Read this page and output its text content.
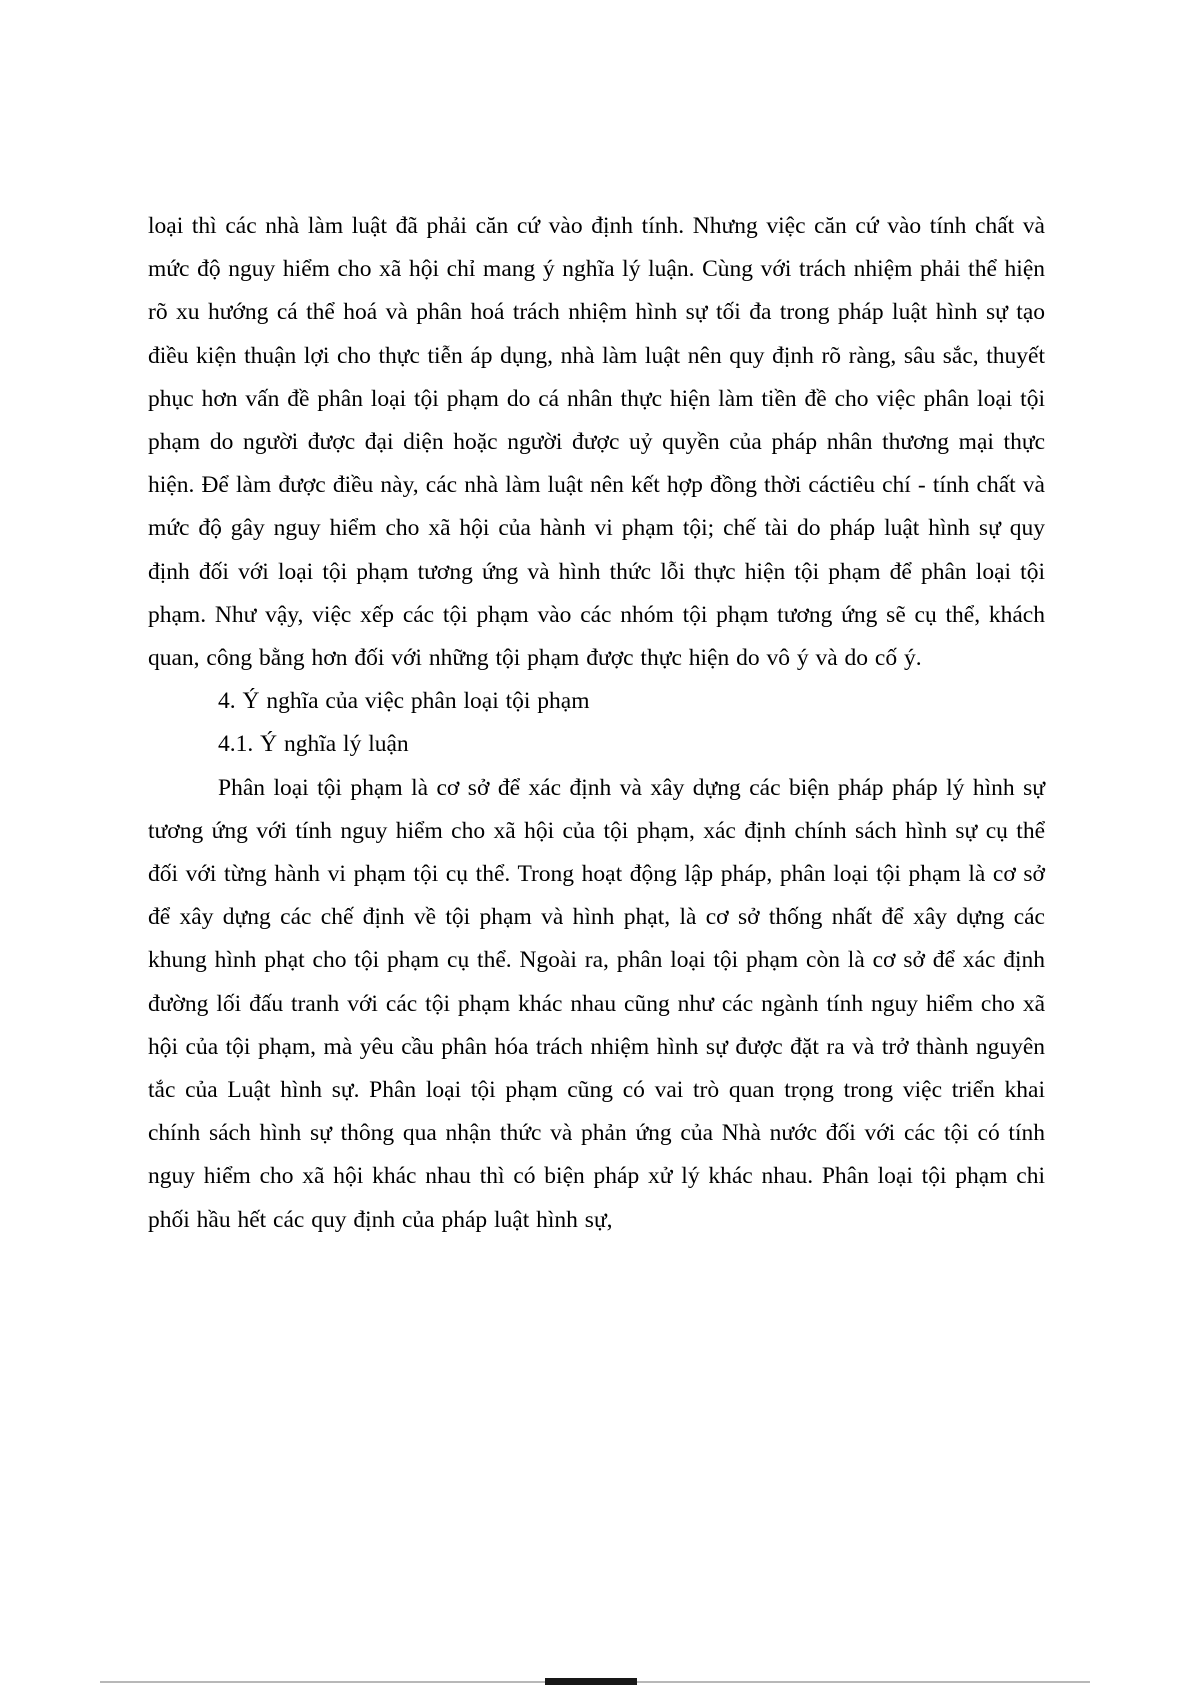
loại thì các nhà làm luật đã phải căn cứ vào định tính. Nhưng việc căn cứ vào tính chất và mức độ nguy hiểm cho xã hội chỉ mang ý nghĩa lý luận. Cùng với trách nhiệm phải thể hiện rõ xu hướng cá thể hoá và phân hoá trách nhiệm hình sự tối đa trong pháp luật hình sự tạo điều kiện thuận lợi cho thực tiễn áp dụng, nhà làm luật nên quy định rõ ràng, sâu sắc, thuyết phục hơn vấn đề phân loại tội phạm do cá nhân thực hiện làm tiền đề cho việc phân loại tội phạm do người được đại diện hoặc người được uỷ quyền của pháp nhân thương mại thực hiện. Để làm được điều này, các nhà làm luật nên kết hợp đồng thời cáctiêu chí - tính chất và mức độ gây nguy hiểm cho xã hội của hành vi phạm tội; chế tài do pháp luật hình sự quy định đối với loại tội phạm tương ứng và hình thức lỗi thực hiện tội phạm để phân loại tội phạm. Như vậy, việc xếp các tội phạm vào các nhóm tội phạm tương ứng sẽ cụ thể, khách quan, công bằng hơn đối với những tội phạm được thực hiện do vô ý và do cố ý.

4. Ý nghĩa của việc phân loại tội phạm

4.1. Ý nghĩa lý luận

Phân loại tội phạm là cơ sở để xác định và xây dựng các biện pháp pháp lý hình sự tương ứng với tính nguy hiểm cho xã hội của tội phạm, xác định chính sách hình sự cụ thể đối với từng hành vi phạm tội cụ thể. Trong hoạt động lập pháp, phân loại tội phạm là cơ sở để xây dựng các chế định về tội phạm và hình phạt, là cơ sở thống nhất để xây dựng các khung hình phạt cho tội phạm cụ thể. Ngoài ra, phân loại tội phạm còn là cơ sở để xác định đường lối đấu tranh với các tội phạm khác nhau cũng như các ngành tính nguy hiểm cho xã hội của tội phạm, mà yêu cầu phân hóa trách nhiệm hình sự được đặt ra và trở thành nguyên tắc của Luật hình sự. Phân loại tội phạm cũng có vai trò quan trọng trong việc triển khai chính sách hình sự thông qua nhận thức và phản ứng của Nhà nước đối với các tội có tính nguy hiểm cho xã hội khác nhau thì có biện pháp xử lý khác nhau. Phân loại tội phạm chi phối hầu hết các quy định của pháp luật hình sự,
